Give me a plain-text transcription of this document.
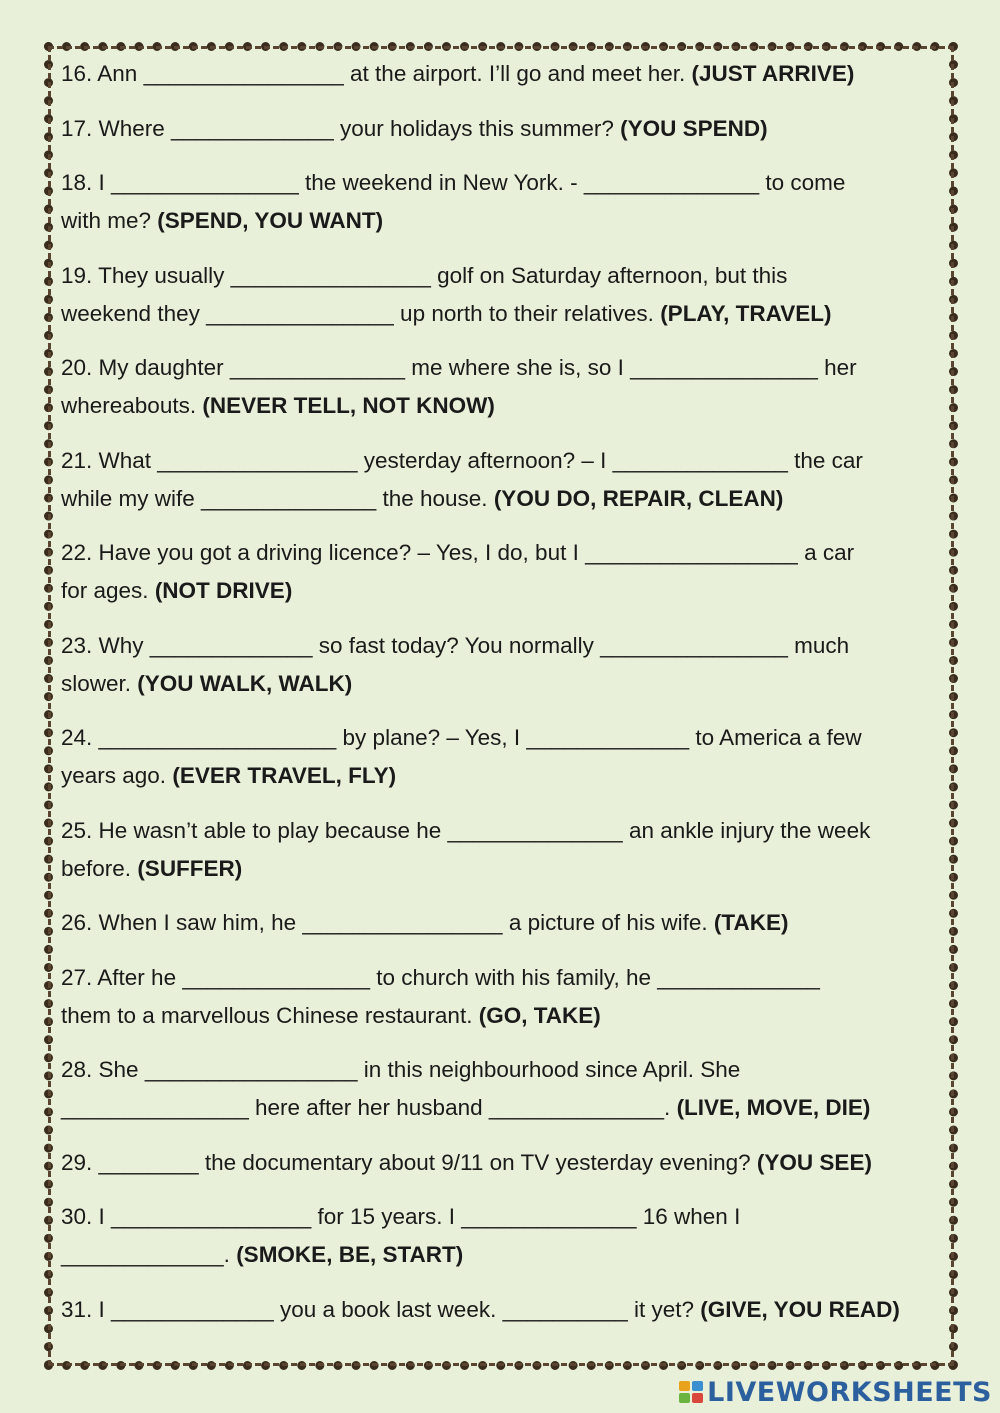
16. Ann ________________ at the airport. I’ll go and meet her. (JUST ARRIVE)
17. Where _____________ your holidays this summer? (YOU SPEND)
18. I _______________ the weekend in New York. - ______________ to come
with me? (SPEND, YOU WANT)
19. They usually ________________ golf on Saturday afternoon, but this
weekend they _______________ up north to their relatives. (PLAY, TRAVEL)
20. My daughter ______________ me where she is, so I _______________ her
whereabouts. (NEVER TELL, NOT KNOW)
21. What ________________ yesterday afternoon? – I ______________ the car
while my wife ______________ the house. (YOU DO, REPAIR, CLEAN)
22. Have you got a driving licence? – Yes, I do, but I _________________ a car
for ages. (NOT DRIVE)
23. Why _____________ so fast today? You normally _______________ much
slower. (YOU WALK, WALK)
24. ___________________ by plane? – Yes, I _____________ to America a few
years ago. (EVER TRAVEL, FLY)
25. He wasn’t able to play because he ______________ an ankle injury the week
before. (SUFFER)
26. When I saw him, he ________________ a picture of his wife. (TAKE)
27. After he _______________ to church with his family, he _____________
them to a marvellous Chinese restaurant. (GO, TAKE)
28. She _________________ in this neighbourhood since April. She
_______________ here after her husband ______________. (LIVE, MOVE, DIE)
29. ________ the documentary about 9/11 on TV yesterday evening? (YOU SEE)
30. I ________________ for 15 years. I ______________ 16 when I
_____________. (SMOKE, BE, START)
31. I _____________ you a book last week. __________ it yet? (GIVE, YOU READ)
LIVEWORKSHEETS
